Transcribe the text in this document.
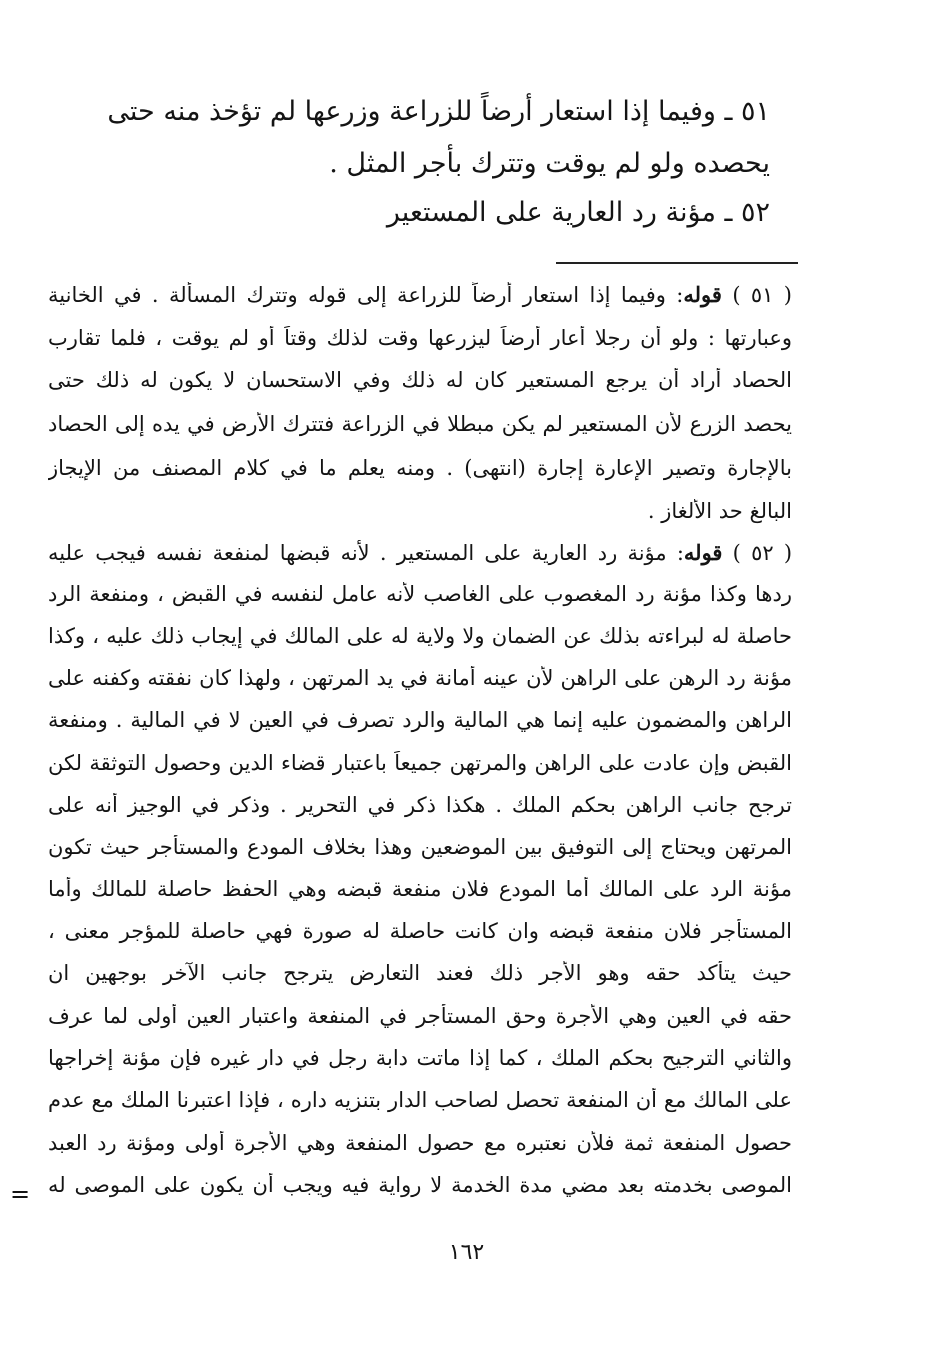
٥١ ـ وفيما إذا استعار أرضاً للزراعة وزرعها لم تؤخذ منه حتى
يحصده ولو لم يوقت وتترك بأجر المثل .
٥٢ ـ مؤنة رد العارية على المستعير
( ٥١ ) قوله: وفيما إذا استعار أرضاً للزراعة إلى قوله وتترك المسألة . في الخانية
وعبارتها : ولو أن رجلا أعار أرضاً ليزرعها وقت لذلك وقتاً أو لم يوقت ، فلما تقارب
الحصاد أراد أن يرجع المستعير كان له ذلك وفي الاستحسان لا يكون له ذلك حتى
يحصد الزرع لأن المستعير لم يكن مبطلا في الزراعة فتترك الأرض في يده إلى الحصاد
بالإجارة وتصير الإعارة إجارة (انتهى) . ومنه يعلم ما في كلام المصنف من الإيجاز
البالغ حد الألغاز .
( ٥٢ ) قوله: مؤنة رد العارية على المستعير . لأنه قبضها لمنفعة نفسه فيجب عليه
ردها وكذا مؤنة رد المغصوب على الغاصب لأنه عامل لنفسه في القبض ، ومنفعة الرد
حاصلة له لبراءته بذلك عن الضمان ولا ولاية له على المالك في إيجاب ذلك عليه ، وكذا
مؤنة رد الرهن على الراهن لأن عينه أمانة في يد المرتهن ، ولهذا كان نفقته وكفنه على
الراهن والمضمون عليه إنما هي المالية والرد تصرف في العين لا في المالية . ومنفعة
القبض وإن عادت على الراهن والمرتهن جميعاً باعتبار قضاء الدين وحصول التوثقة لكن
ترجح جانب الراهن بحكم الملك . هكذا ذكر في التحرير . وذكر في الوجيز أنه على
المرتهن ويحتاج إلى التوفيق بين الموضعين وهذا بخلاف المودع والمستأجر حيث تكون
مؤنة الرد على المالك أما المودع فلان منفعة قبضه وهي الحفظ حاصلة للمالك وأما
المستأجر فلان منفعة قبضه وان كانت حاصلة له صورة فهي حاصلة للمؤجر معنى ،
حيث يتأكد حقه وهو الأجر ذلك فعند التعارض يترجح جانب الآخر بوجهين ان
حقه في العين وهي الأجرة وحق المستأجر في المنفعة واعتبار العين أولى لما عرف
والثاني الترجيح بحكم الملك ، كما إذا ماتت دابة رجل في دار غيره فإن مؤنة إخراجها
على المالك مع أن المنفعة تحصل لصاحب الدار بتنزيه داره ، فإذا اعتبرنا الملك مع عدم
حصول المنفعة ثمة فلأن نعتبره مع حصول المنفعة وهي الأجرة أولى ومؤنة رد العبد
الموصى بخدمته بعد مضي مدة الخدمة لا رواية فيه ويجب أن يكون على الموصى له
=
١٦٢
